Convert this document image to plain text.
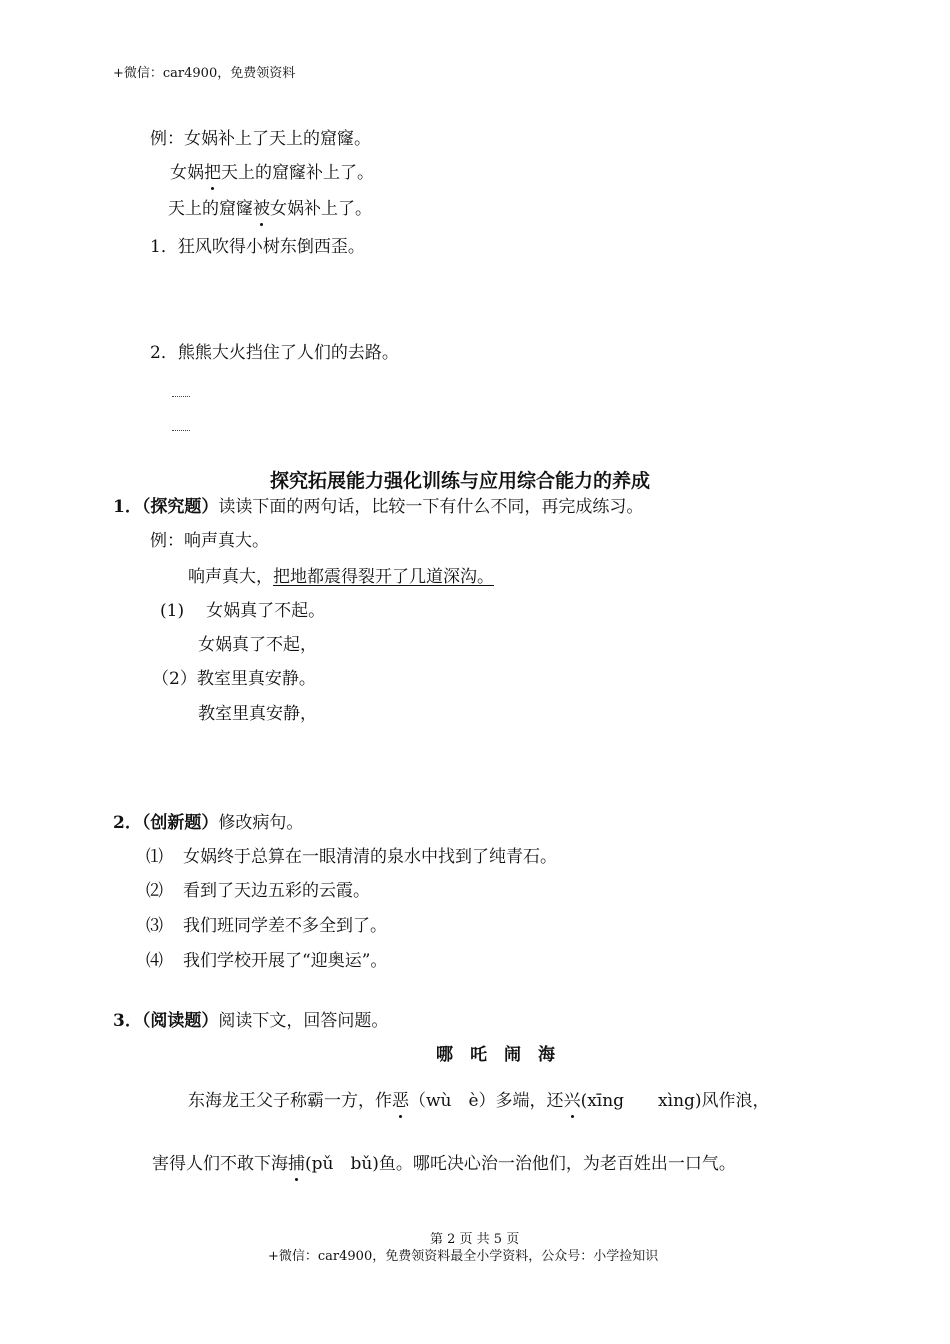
+微信：car4900，免费领资料
例：女娲补上了天上的窟窿。
女娲把天上的窟窿补上了。
天上的窟窿被女娲补上了。
1．狂风吹得小树东倒西歪。
2．熊熊大火挡住了人们的去路。
探究拓展能力强化训练与应用综合能力的养成
1．（探究题）读读下面的两句话，比较一下有什么不同，再完成练习。
例：响声真大。
响声真大，把地都震得裂开了几道深沟。
(1) 女娲真了不起。
女娲真了不起，
（2）教室里真安静。
教室里真安静，
2．（创新题）修改病句。
⑴ 女娲终于总算在一眼清清的泉水中找到了纯青石。
⑵ 看到了天边五彩的云霞。
⑶ 我们班同学差不多全到了。
⑷ 我们学校开展了“迎奥运”。
3．（阅读题）阅读下文，回答问题。
哪　吒　闹　海
东海龙王父子称霸一方，作恶（wù　è）多端，还兴(xīng　　xìng)风作浪，
害得人们不敢下海捕(pǔ　bǔ)鱼。哪吒决心治一治他们，为老百姓出一口气。
第 2 页 共 5 页
+微信：car4900，免费领资料最全小学资料，公众号：小学捡知识
